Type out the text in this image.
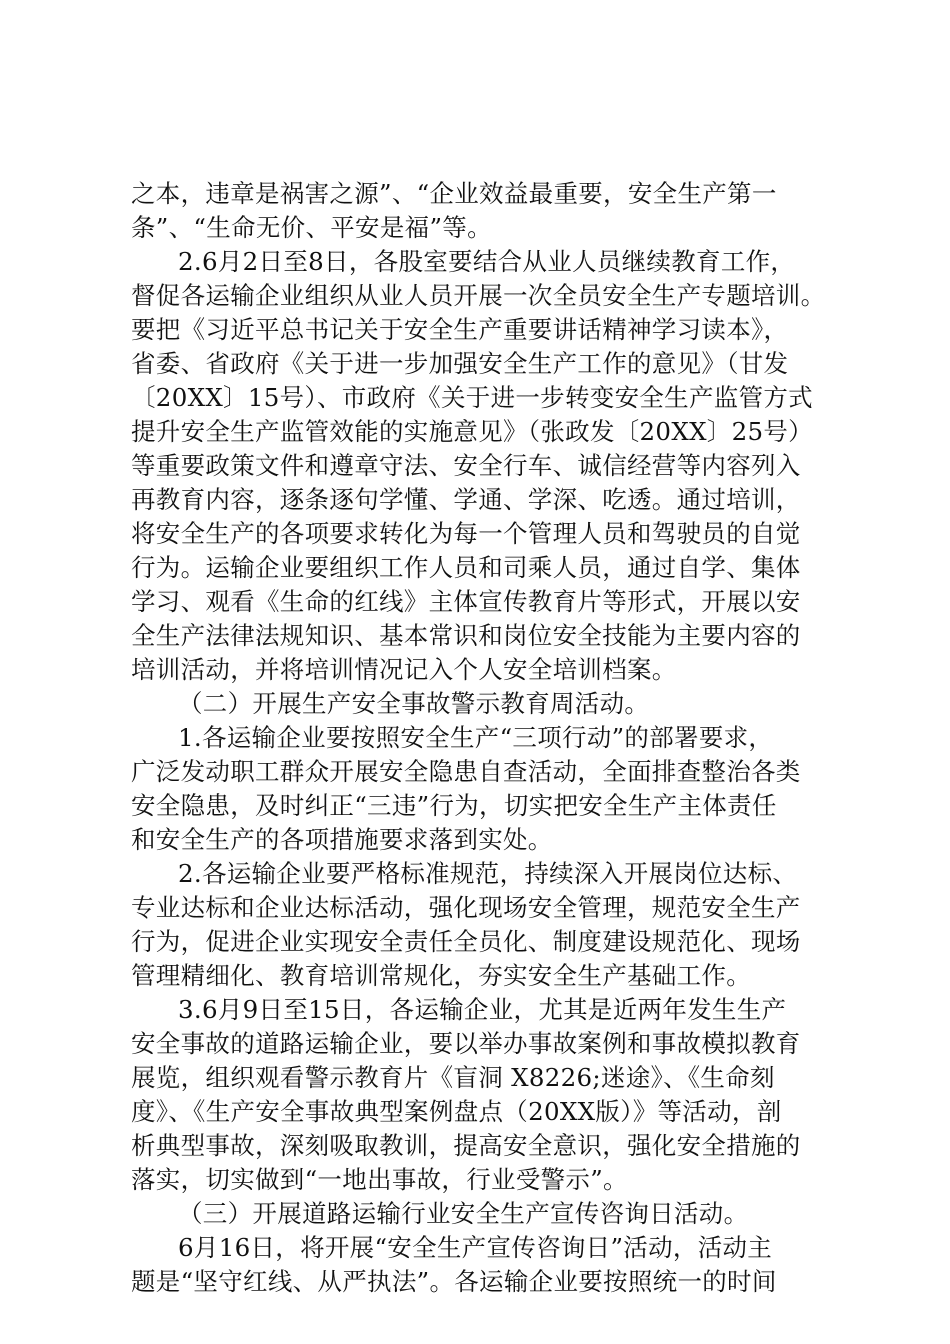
之本，违章是祸害之源”、“企业效益最重要，安全生产第一
条”、“生命无价、平安是福”等。
2.6月2日至8日，各股室要结合从业人员继续教育工作，
督促各运输企业组织从业人员开展一次全员安全生产专题培训。
要把《习近平总书记关于安全生产重要讲话精神学习读本》，
省委、省政府《关于进一步加强安全生产工作的意见》（甘发
〔20XX〕15号）、市政府《关于进一步转变安全生产监管方式
提升安全生产监管效能的实施意见》（张政发〔20XX〕25号）
等重要政策文件和遵章守法、安全行车、诚信经营等内容列入
再教育内容，逐条逐句学懂、学通、学深、吃透。通过培训，
将安全生产的各项要求转化为每一个管理人员和驾驶员的自觉
行为。运输企业要组织工作人员和司乘人员，通过自学、集体
学习、观看《生命的红线》主体宣传教育片等形式，开展以安
全生产法律法规知识、基本常识和岗位安全技能为主要内容的
培训活动，并将培训情况记入个人安全培训档案。
（二）开展生产安全事故警示教育周活动。
1.各运输企业要按照安全生产“三项行动”的部署要求，
广泛发动职工群众开展安全隐患自查活动，全面排查整治各类
安全隐患，及时纠正“三违”行为，切实把安全生产主体责任
和安全生产的各项措施要求落到实处。
2.各运输企业要严格标准规范，持续深入开展岗位达标、
专业达标和企业达标活动，强化现场安全管理，规范安全生产
行为，促进企业实现安全责任全员化、制度建设规范化、现场
管理精细化、教育培训常规化，夯实安全生产基础工作。
3.6月9日至15日，各运输企业，尤其是近两年发生生产
安全事故的道路运输企业，要以举办事故案例和事故模拟教育
展览，组织观看警示教育片《盲洞 X8226;迷途》、《生命刻
度》、《生产安全事故典型案例盘点（20XX版）》等活动，剖
析典型事故，深刻吸取教训，提高安全意识，强化安全措施的
落实，切实做到“一地出事故，行业受警示”。
（三）开展道路运输行业安全生产宣传咨询日活动。
6月16日，将开展“安全生产宣传咨询日”活动，活动主
题是“坚守红线、从严执法”。各运输企业要按照统一的时间
